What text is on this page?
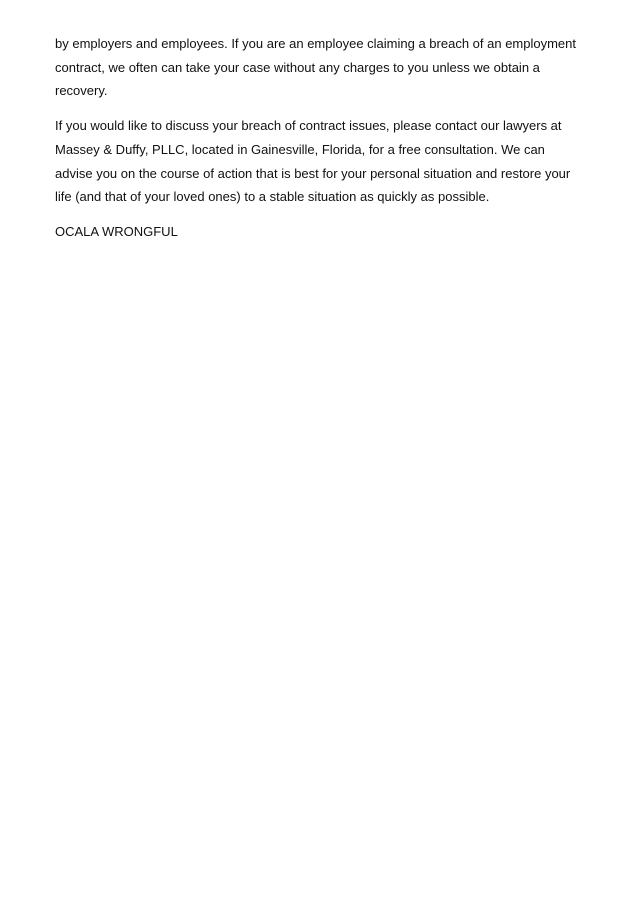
by employers and employees. If you are an employee claiming a breach of an employment contract, we often can take your case without any charges to you unless we obtain a recovery.

If you would like to discuss your breach of contract issues, please contact our lawyers at Massey & Duffy, PLLC, located in Gainesville, Florida, for a free consultation. We can advise you on the course of action that is best for your personal situation and restore your life (and that of your loved ones) to a stable situation as quickly as possible.

OCALA WRONGFUL
